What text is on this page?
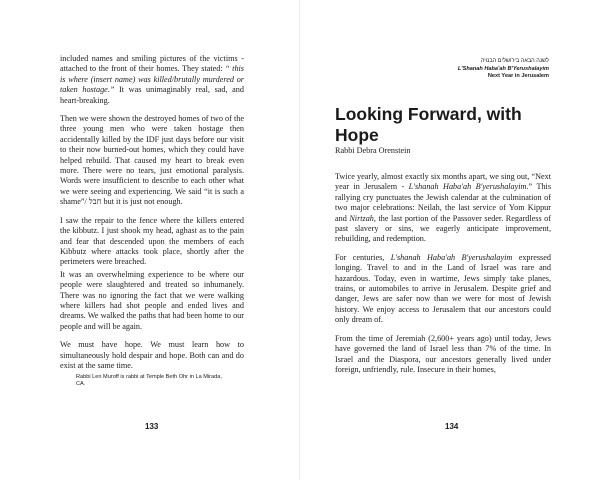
included names and smiling pictures of the victims - attached to the front of their homes. They stated: “ this is where (insert name) was killed/brutally murdered or taken hostage.” It was unimaginably real, sad, and heart-breaking.

Then we were shown the destroyed homes of two of the three young men who were taken hostage then accidentally killed by the IDF just days before our visit to their now burned-out homes, which they could have helped rebuild. That caused my heart to break even more. There were no tears, just emotional paralysis. Words were insufficient to describe to each other what we were seeing and experiencing. We said “it is such a shame”/ חבל but it is just not enough.

I saw the repair to the fence where the killers entered the kibbutz. I just shook my head, aghast as to the pain and fear that descended upon the members of each Kibbutz where attacks took place, shortly after the perimeters were breached.

It was an overwhelming experience to be where our people were slaughtered and treated so inhumanely. There was no ignoring the fact that we were walking where killers had shot people and ended lives and dreams. We walked the paths that had been home to our people and will be again.

We must have hope. We must learn how to simultaneously hold despair and hope. Both can and do exist at the same time.

Rabbi Len Muroff is rabbi at Temple Beth Ohr in La Mirada, CA.
133
לשנה הבאה בירושלים הבנויה
L'Shanah Haba'ah B'Yerushalayim
Next Year in Jerusalem
Looking Forward, with Hope
Rabbi Debra Orenstein

Twice yearly, almost exactly six months apart, we sing out, “Next year in Jerusalem - L'shanah Haba'ah B'yerushalayim.” This rallying cry punctuates the Jewish calendar at the culmination of two major celebrations: Neilah, the last service of Yom Kippur and Nirtzah, the last portion of the Passover seder. Regardless of past slavery or sins, we eagerly anticipate improvement, rebuilding, and redemption.

For centuries, L'shanah Haba'ah B'yerushalayim expressed longing. Travel to and in the Land of Israel was rare and hazardous. Today, even in wartime, Jews simply take planes, trains, or automobiles to arrive in Jerusalem. Despite grief and danger, Jews are safer now than we were for most of Jewish history. We enjoy access to Jerusalem that our ancestors could only dream of.

From the time of Jeremiah (2,600+ years ago) until today, Jews have governed the land of Israel less than 7% of the time. In Israel and the Diaspora, our ancestors generally lived under foreign, unfriendly, rule. Insecure in their homes,

134
